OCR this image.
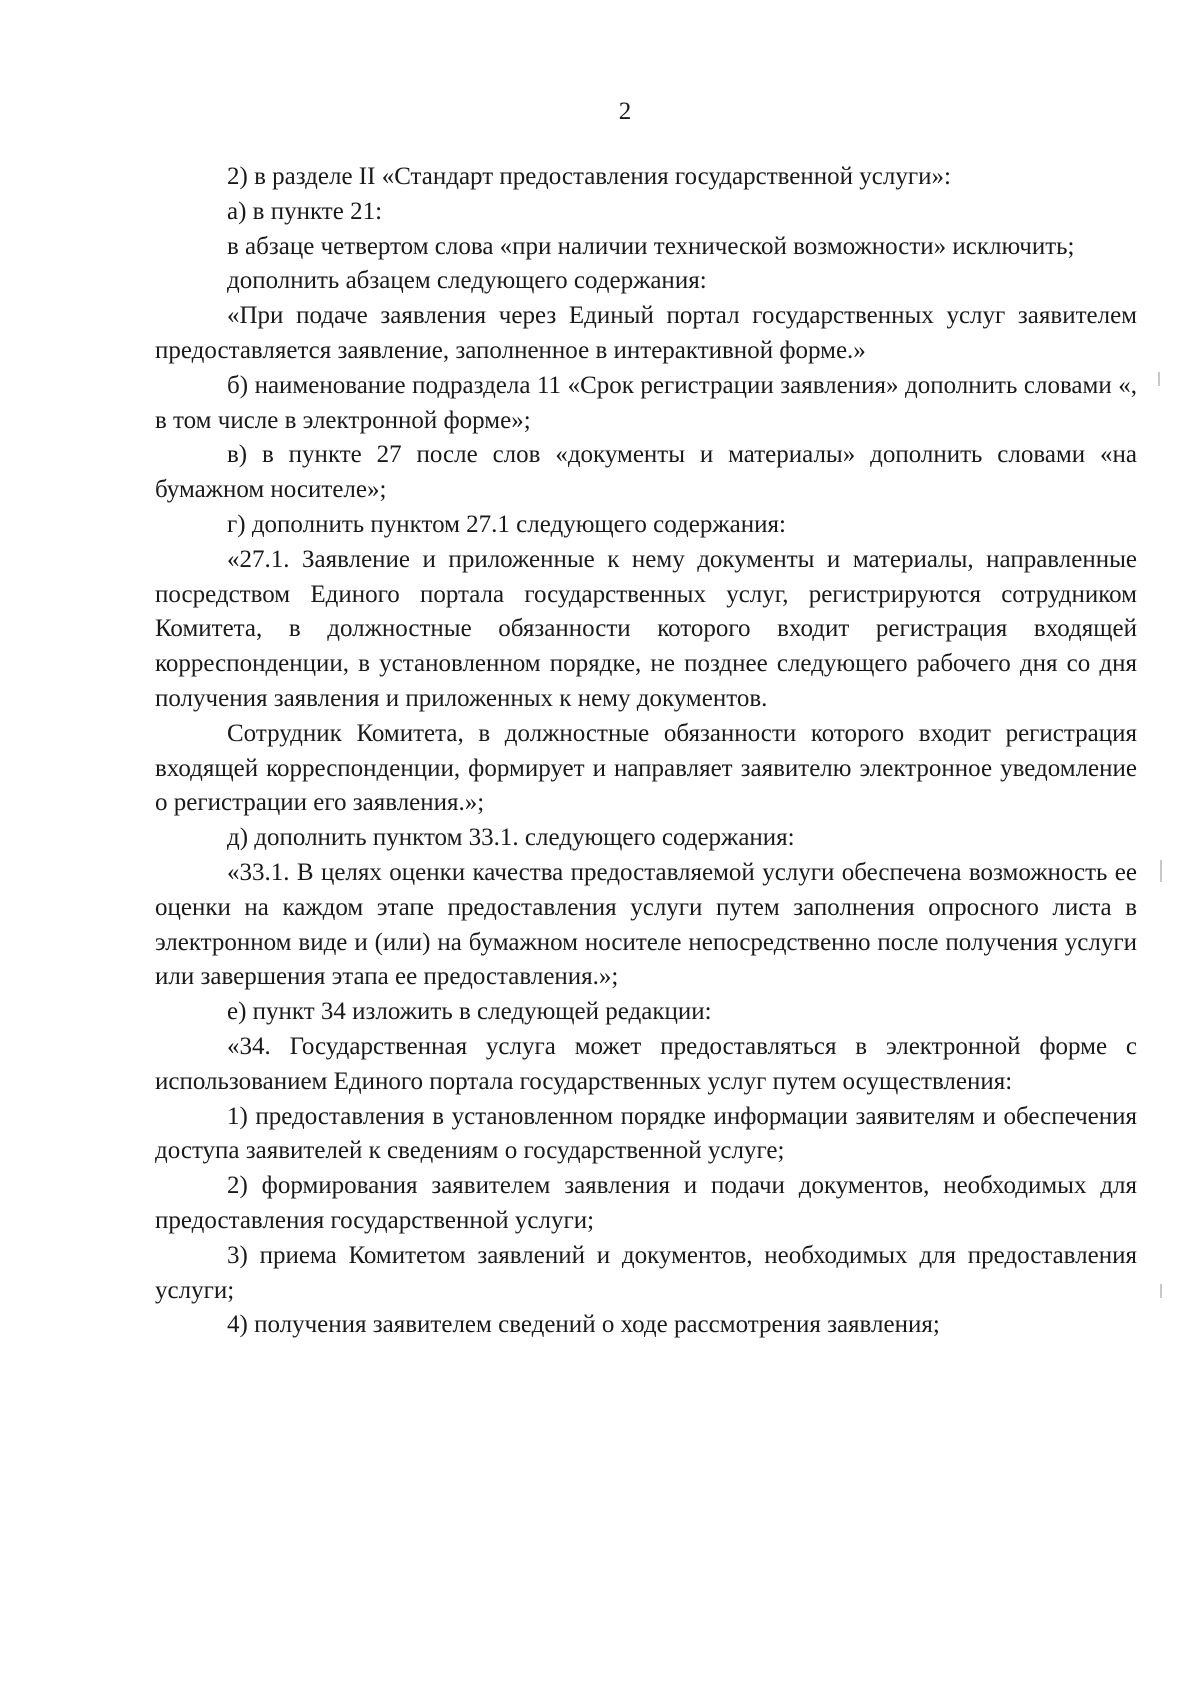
2

2) в разделе II «Стандарт предоставления государственной услуги»:

а) в пункте 21:

в абзаце четвертом слова «при наличии технической возможности» исключить;

дополнить абзацем следующего содержания:

«При подаче заявления через Единый портал государственных услуг заявителем предоставляется заявление, заполненное в интерактивной форме.»

б) наименование подраздела 11 «Срок регистрации заявления» дополнить словами «, в том числе в электронной форме»;

в) в пункте 27 после слов «документы и материалы» дополнить словами «на бумажном носителе»;

г) дополнить пунктом 27.1 следующего содержания:

«27.1. Заявление и приложенные к нему документы и материалы, направленные посредством Единого портала государственных услуг, регистрируются сотрудником Комитета, в должностные обязанности которого входит регистрация входящей корреспонденции, в установленном порядке, не позднее следующего рабочего дня со дня получения заявления и приложенных к нему документов.

Сотрудник Комитета, в должностные обязанности которого входит регистрация входящей корреспонденции, формирует и направляет заявителю электронное уведомление о регистрации его заявления.»;

д) дополнить пунктом 33.1. следующего содержания:

«33.1. В целях оценки качества предоставляемой услуги обеспечена возможность ее оценки на каждом этапе предоставления услуги путем заполнения опросного листа в электронном виде и (или) на бумажном носителе непосредственно после получения услуги или завершения этапа ее предоставления.»;

е) пункт 34 изложить в следующей редакции:

«34. Государственная услуга может предоставляться в электронной форме с использованием Единого портала государственных услуг путем осуществления:

1) предоставления в установленном порядке информации заявителям и обеспечения доступа заявителей к сведениям о государственной услуге;

2) формирования заявителем заявления и подачи документов, необходимых для предоставления государственной услуги;

3) приема Комитетом заявлений и документов, необходимых для предоставления услуги;

4) получения заявителем сведений о ходе рассмотрения заявления;
